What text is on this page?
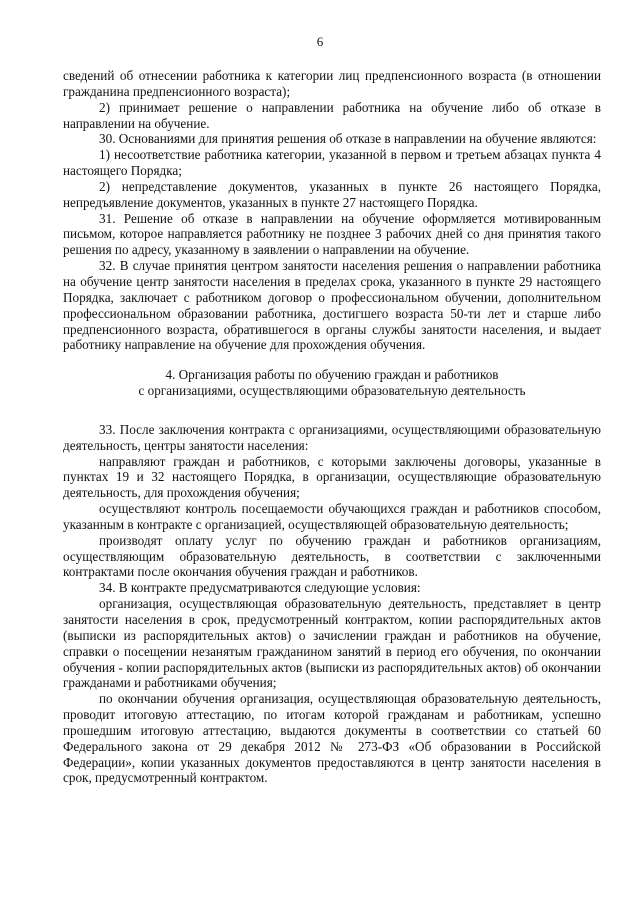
6

сведений об отнесении работника к категории лиц предпенсионного возраста (в отношении гражданина предпенсионного возраста);

2) принимает решение о направлении работника на обучение либо об отказе в направлении на обучение.

30. Основаниями для принятия решения об отказе в направлении на обучение являются:

1) несоответствие работника категории, указанной в первом и третьем абзацах пункта 4 настоящего Порядка;

2) непредставление документов, указанных в пункте 26 настоящего Порядка, непредъявление документов, указанных в пункте 27 настоящего Порядка.

31. Решение об отказе в направлении на обучение оформляется мотивированным письмом, которое направляется работнику не позднее 3 рабочих дней со дня принятия такого решения по адресу, указанному в заявлении о направлении на обучение.

32. В случае принятия центром занятости населения решения о направлении работника на обучение центр занятости населения в пределах срока, указанного в пункте 29 настоящего Порядка, заключает с работником договор о профессиональном обучении, дополнительном профессиональном образовании работника, достигшего возраста 50-ти лет и старше либо предпенсионного возраста, обратившегося в органы службы занятости населения, и выдает работнику направление на обучение для прохождения обучения.

4. Организация работы по обучению граждан и работников
с организациями, осуществляющими образовательную деятельность

33. После заключения контракта с организациями, осуществляющими образовательную деятельность, центры занятости населения:

направляют граждан и работников, с которыми заключены договоры, указанные в пунктах 19 и 32 настоящего Порядка, в организации, осуществляющие образовательную деятельность, для прохождения обучения;

осуществляют контроль посещаемости обучающихся граждан и работников способом, указанным в контракте с организацией, осуществляющей образовательную деятельность;

производят оплату услуг по обучению граждан и работников организациям, осуществляющим образовательную деятельность, в соответствии с заключенными контрактами после окончания обучения граждан и работников.

34. В контракте предусматриваются следующие условия:

организация, осуществляющая образовательную деятельность, представляет в центр занятости населения в срок, предусмотренный контрактом, копии распорядительных актов (выписки из распорядительных актов) о зачислении граждан и работников на обучение, справки о посещении незанятым гражданином занятий в период его обучения, по окончании обучения - копии распорядительных актов (выписки из распорядительных актов) об окончании гражданами и работниками обучения;

по окончании обучения организация, осуществляющая образовательную деятельность, проводит итоговую аттестацию, по итогам которой гражданам и работникам, успешно прошедшим итоговую аттестацию, выдаются документы в соответствии со статьей 60 Федерального закона от 29 декабря 2012 № 273-ФЗ «Об образовании в Российской Федерации», копии указанных документов предоставляются в центр занятости населения в срок, предусмотренный контрактом.
